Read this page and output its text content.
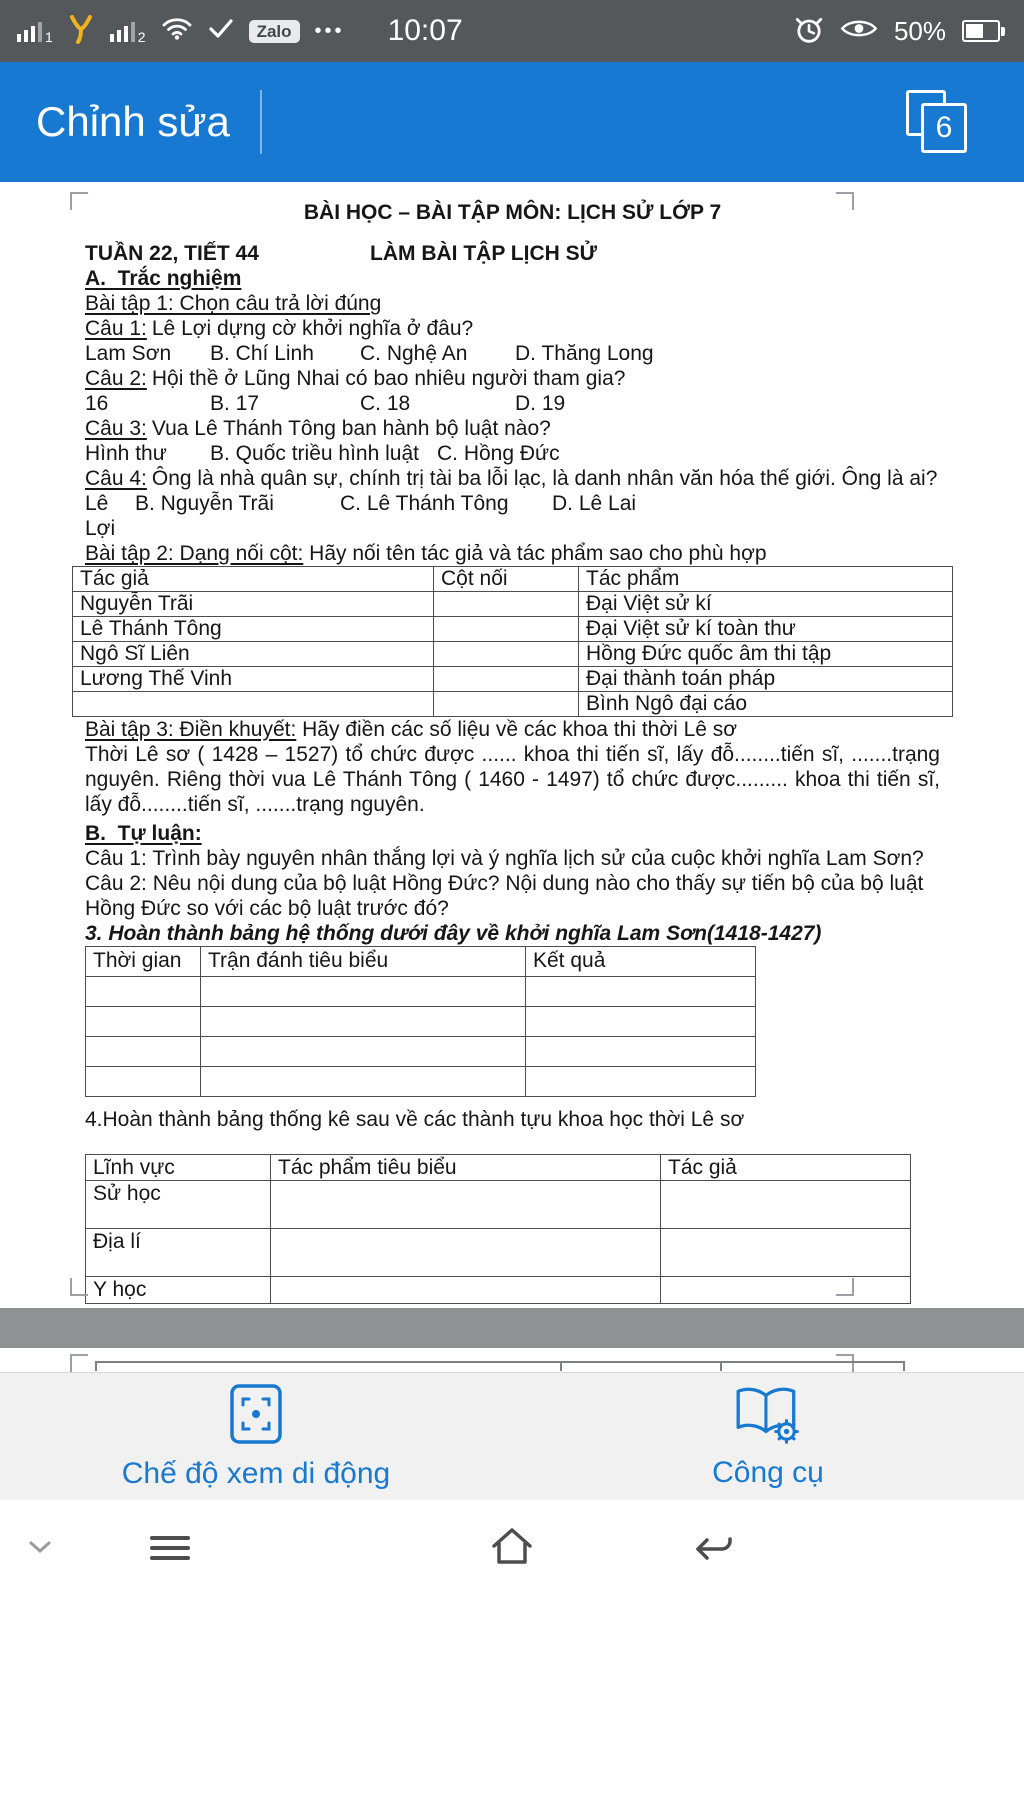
1	2	Zalo	••• 10:07	50%
Chỉnh sửa	6
BÀI HỌC – BÀI TẬP MÔN: LỊCH SỬ LỚP 7
TUẦN 22, TIẾT 44	LÀM BÀI TẬP LỊCH SỬ
A.  Trắc nghiệm
Bài tập 1: Chọn câu trả lời đúng
Câu 1: Lê Lợi dựng cờ khởi nghĩa ở đâu?
Lam Sơn	B. Chí Linh	C. Nghệ An	D. Thăng Long
Câu 2: Hội thề ở Lũng Nhai có bao nhiêu người tham gia?
16	B. 17	C. 18	D. 19
Câu 3: Vua Lê Thánh Tông ban hành bộ luật nào?
Hình thư	B. Quốc triều hình luật C. Hồng Đức
Câu 4: Ông là nhà quân sự, chính trị tài ba lỗi lạc, là danh nhân văn hóa thế giới. Ông là ai?
Lê Lợi
B. Nguyễn Trãi	C. Lê Thánh Tông	D. Lê Lai
Bài tập 2: Dạng nối cột: Hãy nối tên tác giả và tác phẩm sao cho phù hợp
Tác giả	Cột nối	Tác phẩm
Nguyễn Trãi		Đại Việt sử kí
Lê Thánh Tông		Đại Việt sử kí toàn thư
Ngô Sĩ Liên		Hồng Đức quốc âm thi tập
Lương Thế Vinh		Đại thành toán pháp
		Bình Ngô đại cáo
Bài tập 3: Điền khuyết: Hãy điền các số liệu về các khoa thi thời Lê sơ
Thời Lê sơ ( 1428 – 1527) tổ chức được ...... khoa thi tiến sĩ, lấy đỗ........tiến sĩ, .......trạng nguyên. Riêng thời vua Lê Thánh Tông ( 1460 - 1497) tổ chức được......... khoa thi tiến sĩ, lấy đỗ........tiến sĩ, .......trạng nguyên.
B.  Tự luận:
Câu 1: Trình bày nguyên nhân thắng lợi và ý nghĩa lịch sử của cuộc khởi nghĩa Lam Sơn?
Câu 2: Nêu nội dung của bộ luật Hồng Đức? Nội dung nào cho thấy sự tiến bộ của bộ luật Hồng Đức so với các bộ luật trước đó?
3. Hoàn thành bảng hệ thống dưới đây về khởi nghĩa Lam Sơn(1418-1427)
Thời gian	Trận đánh tiêu biểu	Kết quả

4.Hoàn thành bảng thống kê sau về các thành tựu khoa học thời Lê sơ
Lĩnh vực	Tác phẩm tiêu biểu	Tác giả
Sử học		
Địa lí		
Y học		
Chế độ xem di động	Công cụ
